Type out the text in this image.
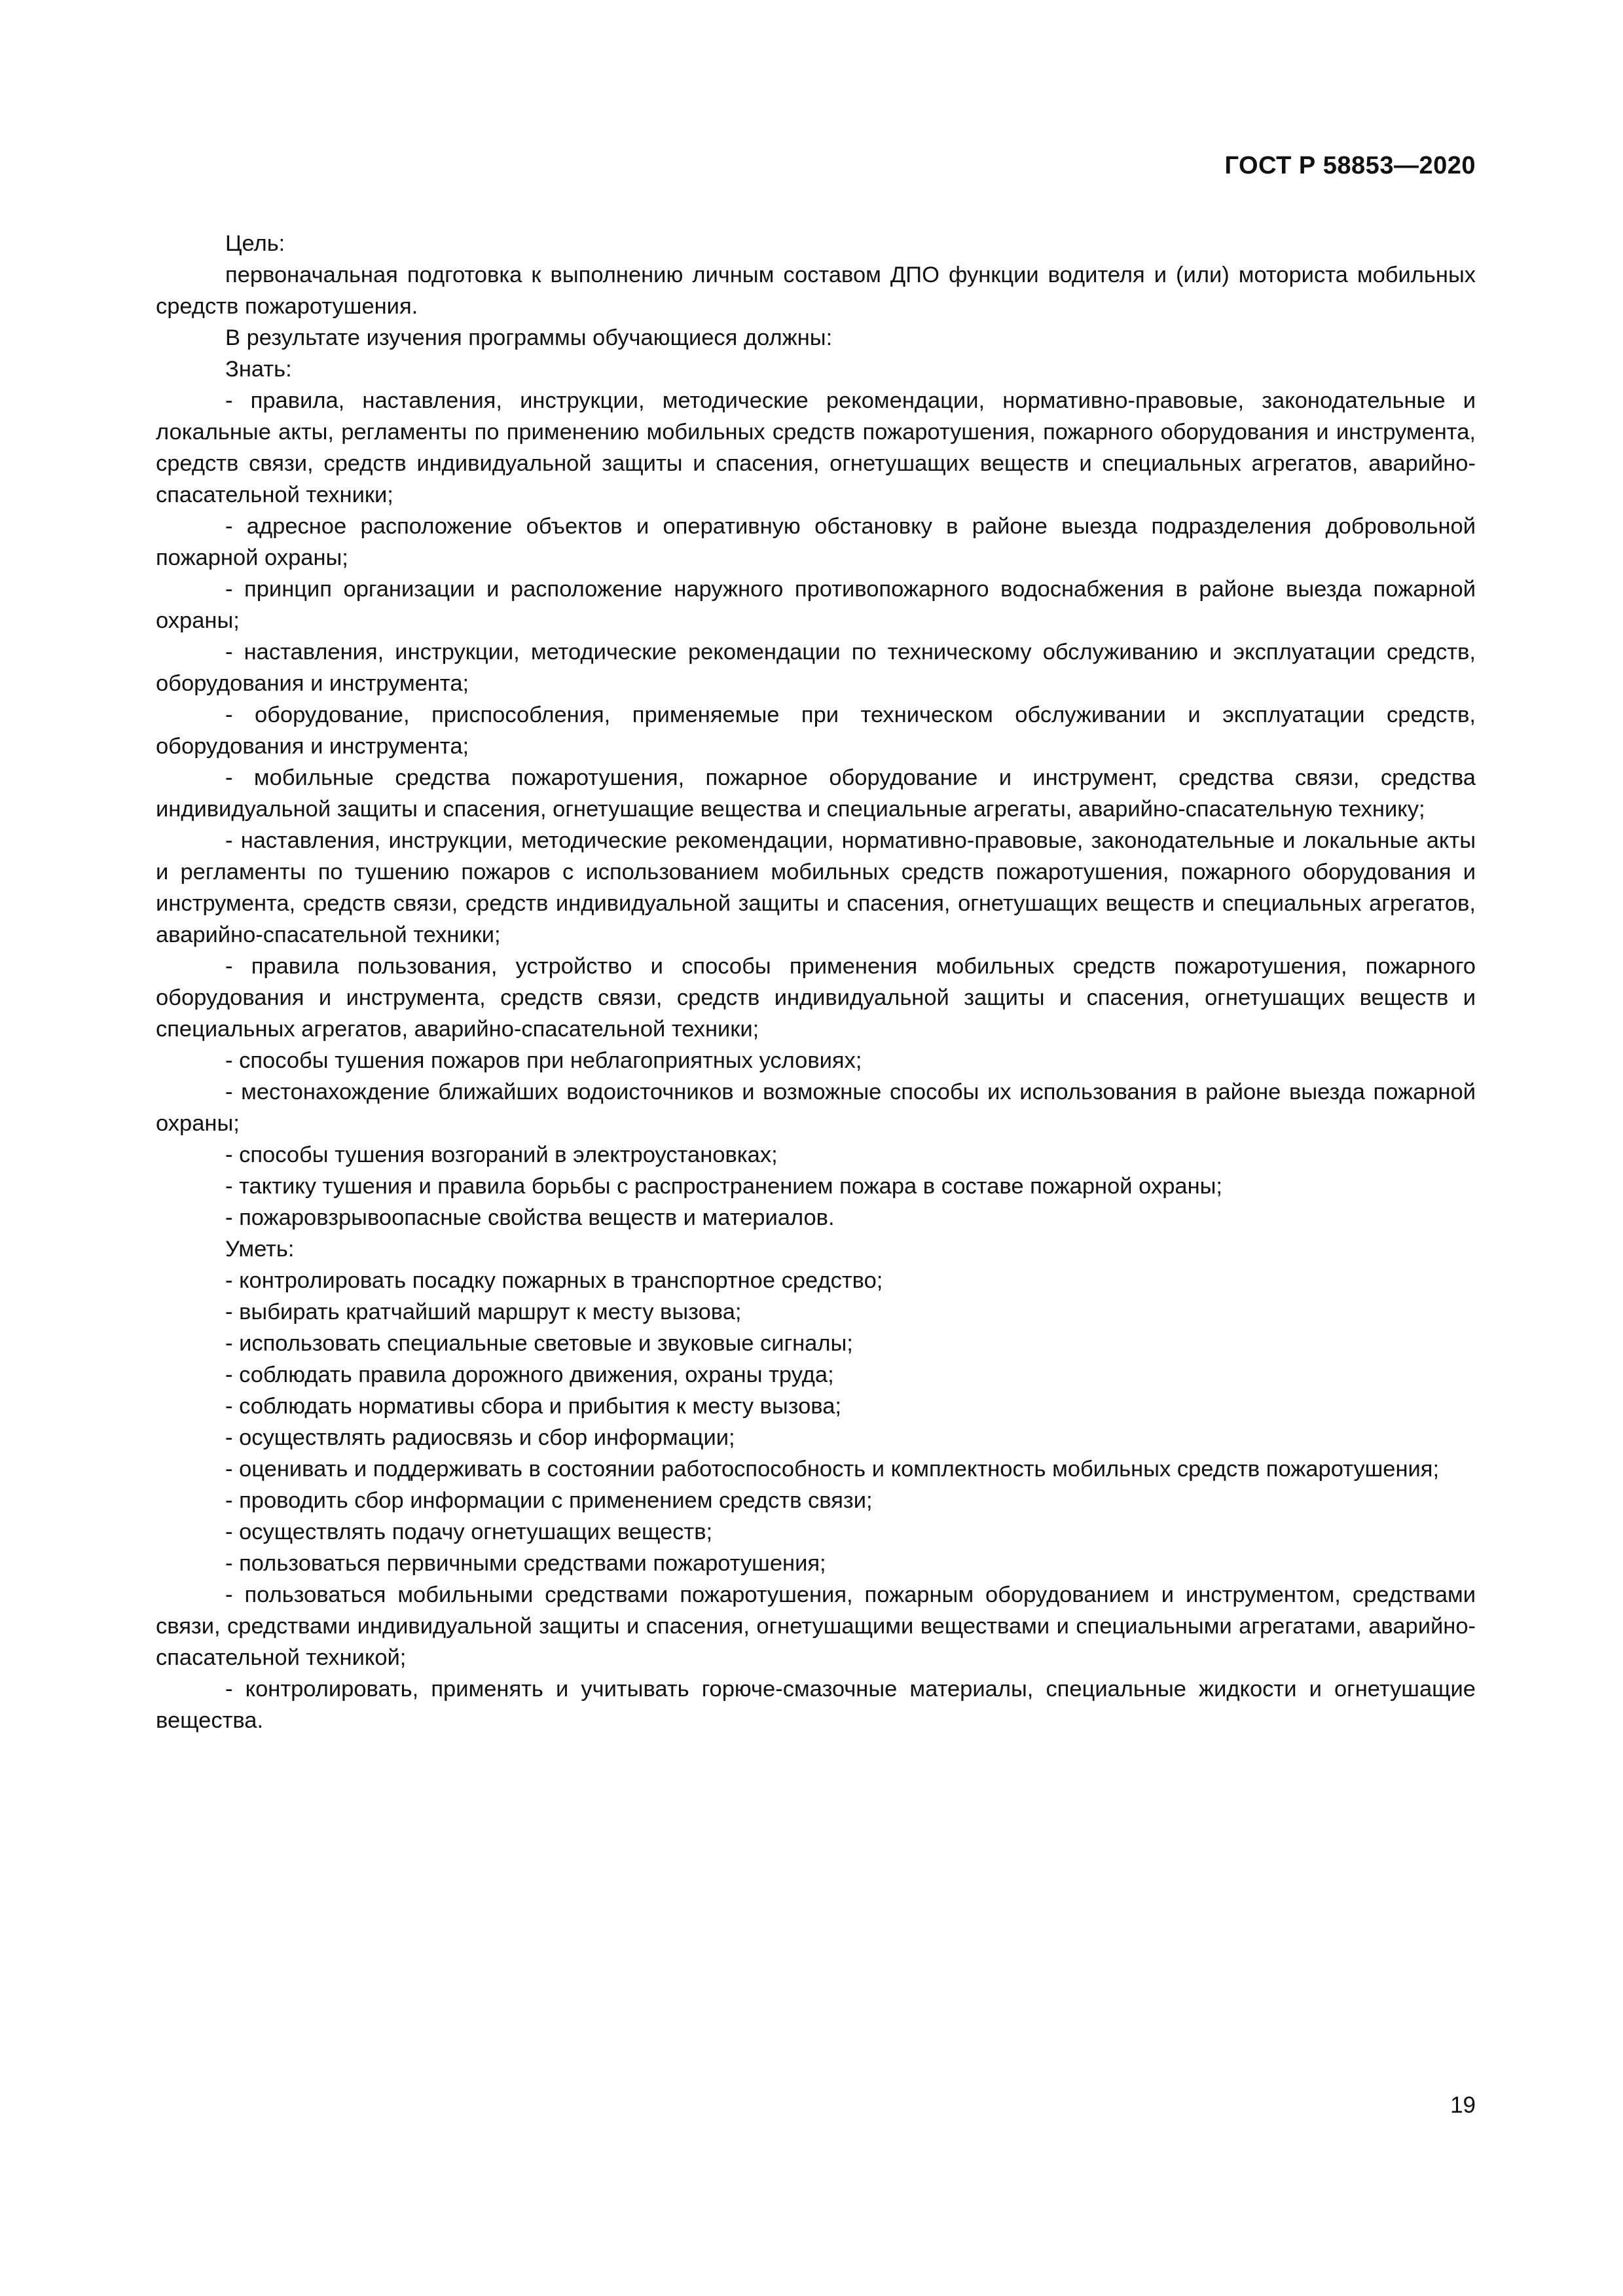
ГОСТ Р 58853—2020

Цель:

первоначальная подготовка к выполнению личным составом ДПО функции водителя и (или) моториста мобильных средств пожаротушения.

В результате изучения программы обучающиеся должны:

Знать:

- правила, наставления, инструкции, методические рекомендации, нормативно-правовые, законодательные и локальные акты, регламенты по применению мобильных средств пожаротушения, пожарного оборудования и инструмента, средств связи, средств индивидуальной защиты и спасения, огнетушащих веществ и специальных агрегатов, аварийно-спасательной техники;

- адресное расположение объектов и оперативную обстановку в районе выезда подразделения добровольной пожарной охраны;

- принцип организации и расположение наружного противопожарного водоснабжения в районе выезда пожарной охраны;

- наставления, инструкции, методические рекомендации по техническому обслуживанию и эксплуатации средств, оборудования и инструмента;

- оборудование, приспособления, применяемые при техническом обслуживании и эксплуатации средств, оборудования и инструмента;

- мобильные средства пожаротушения, пожарное оборудование и инструмент, средства связи, средства индивидуальной защиты и спасения, огнетушащие вещества и специальные агрегаты, аварийно-спасательную технику;

- наставления, инструкции, методические рекомендации, нормативно-правовые, законодательные и локальные акты и регламенты по тушению пожаров с использованием мобильных средств пожаротушения, пожарного оборудования и инструмента, средств связи, средств индивидуальной защиты и спасения, огнетушащих веществ и специальных агрегатов, аварийно-спасательной техники;

- правила пользования, устройство и способы применения мобильных средств пожаротушения, пожарного оборудования и инструмента, средств связи, средств индивидуальной защиты и спасения, огнетушащих веществ и специальных агрегатов, аварийно-спасательной техники;

- способы тушения пожаров при неблагоприятных условиях;

- местонахождение ближайших водоисточников и возможные способы их использования в районе выезда пожарной охраны;

- способы тушения возгораний в электроустановках;

- тактику тушения и правила борьбы с распространением пожара в составе пожарной охраны;

- пожаровзрывоопасные свойства веществ и материалов.

Уметь:

- контролировать посадку пожарных в транспортное средство;

- выбирать кратчайший маршрут к месту вызова;

- использовать специальные световые и звуковые сигналы;

- соблюдать правила дорожного движения, охраны труда;

- соблюдать нормативы сбора и прибытия к месту вызова;

- осуществлять радиосвязь и сбор информации;

- оценивать и поддерживать в состоянии работоспособность и комплектность мобильных средств пожаротушения;

- проводить сбор информации с применением средств связи;

- осуществлять подачу огнетушащих веществ;

- пользоваться первичными средствами пожаротушения;

- пользоваться мобильными средствами пожаротушения, пожарным оборудованием и инструментом, средствами связи, средствами индивидуальной защиты и спасения, огнетушащими веществами и специальными агрегатами, аварийно-спасательной техникой;

- контролировать, применять и учитывать горюче-смазочные материалы, специальные жидкости и огнетушащие вещества.

19
